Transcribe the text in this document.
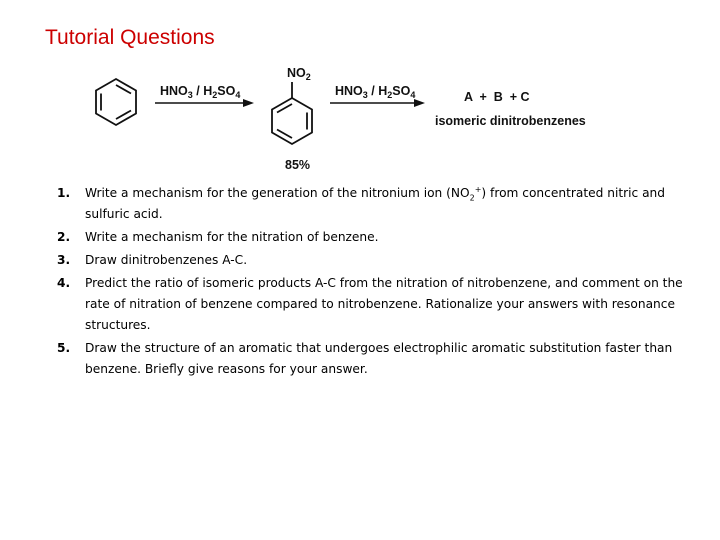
Tutorial Questions
$HNO_3 / H_2SO_4$
$NO_2$
85%
$HNO_3 / H_2SO_4$	A  +  B  + C
isomeric dinitrobenzenes
1. Write a mechanism for the generation of the nitronium ion $(NO_2^+)$ from concentrated nitric and sulfuric acid.
2. Write a mechanism for the nitration of benzene.
3. Draw dinitrobenzenes A-C.
4. Predict the ratio of isomeric products A-C from the nitration of nitrobenzene, and comment on the rate of nitration of benzene compared to nitrobenzene. Rationalize your answers with resonance structures.
5. Draw the structure of an aromatic that undergoes electrophilic aromatic substitution faster than benzene. Briefly give reasons for your answer.
